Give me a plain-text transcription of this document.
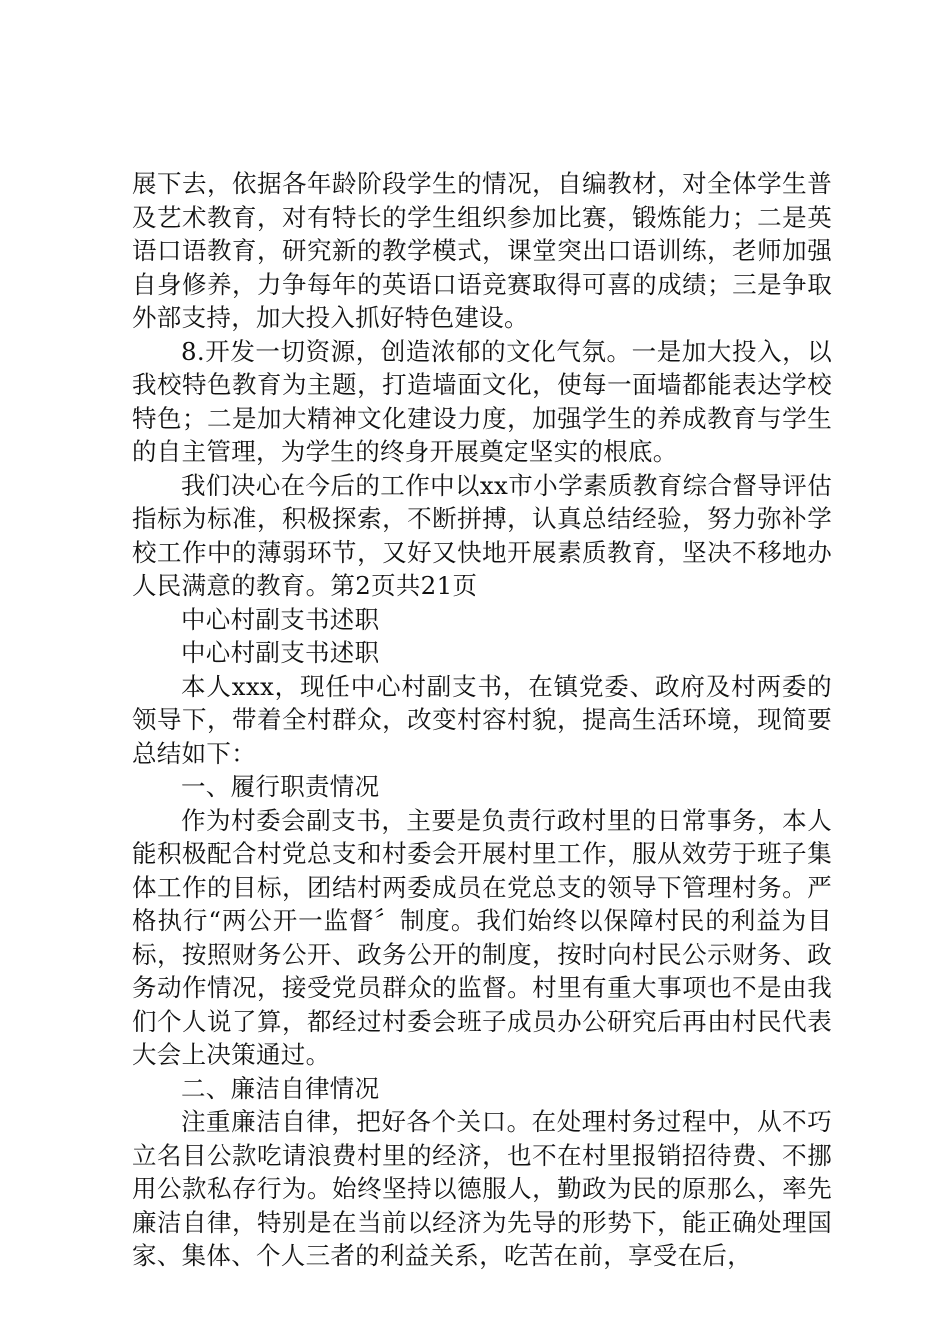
展下去，依据各年龄阶段学生的情况，自编教材，对全体学生普及艺术教育，对有特长的学生组织参加比赛，锻炼能力；二是英语口语教育，研究新的教学模式，课堂突出口语训练，老师加强自身修养，力争每年的英语口语竞赛取得可喜的成绩；三是争取外部支持，加大投入抓好特色建设。

8.开发一切资源，创造浓郁的文化气氛。一是加大投入，以我校特色教育为主题，打造墙面文化，使每一面墙都能表达学校特色；二是加大精神文化建设力度，加强学生的养成教育与学生的自主管理，为学生的终身开展奠定坚实的根底。

我们决心在今后的工作中以xx市小学素质教育综合督导评估指标为标准，积极探索，不断拼搏，认真总结经验，努力弥补学校工作中的薄弱环节，又好又快地开展素质教育，坚决不移地办人民满意的教育。第2页共21页

中心村副支书述职

中心村副支书述职

本人xxx，现任中心村副支书，在镇党委、政府及村两委的领导下，带着全村群众，改变村容村貌，提高生活环境，现简要总结如下：

一、履行职责情况

作为村委会副支书，主要是负责行政村里的日常事务，本人能积极配合村党总支和村委会开展村里工作，服从效劳于班子集体工作的目标，团结村两委成员在党总支的领导下管理村务。严格执行“两公开一监督〞制度。我们始终以保障村民的利益为目标，按照财务公开、政务公开的制度，按时向村民公示财务、政务动作情况，接受党员群众的监督。村里有重大事项也不是由我们个人说了算，都经过村委会班子成员办公研究后再由村民代表大会上决策通过。

二、廉洁自律情况

注重廉洁自律，把好各个关口。在处理村务过程中，从不巧立名目公款吃请浪费村里的经济，也不在村里报销招待费、不挪用公款私存行为。始终坚持以德服人，勤政为民的原那么，率先廉洁自律，特别是在当前以经济为先导的形势下，能正确处理国家、集体、个人三者的利益关系，吃苦在前，享受在后，
